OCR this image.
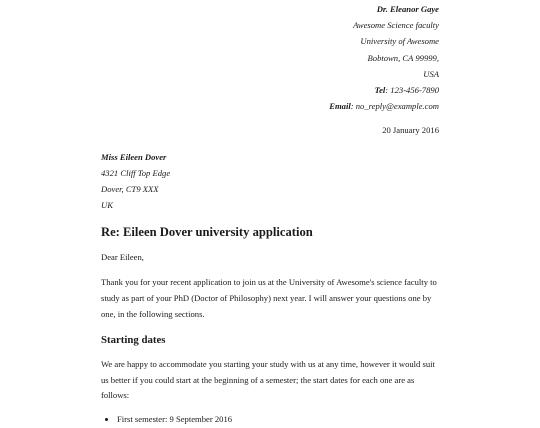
Dr. Eleanor Gaye
Awesome Science faculty
University of Awesome
Bobtown, CA 99999,
USA
Tel: 123-456-7890
Email: no_reply@example.com
20 January 2016
Miss Eileen Dover
4321 Cliff Top Edge
Dover, CT9 XXX
UK
Re: Eileen Dover university application

Dear Eileen,

Thank you for your recent application to join us at the University of Awesome's science faculty to study as part of your PhD (Doctor of Philosophy) next year. I will answer your questions one by one, in the following sections.

Starting dates

We are happy to accommodate you starting your study with us at any time, however it would suit us better if you could start at the beginning of a semester; the start dates for each one are as follows:

• First semester: 9 September 2016
